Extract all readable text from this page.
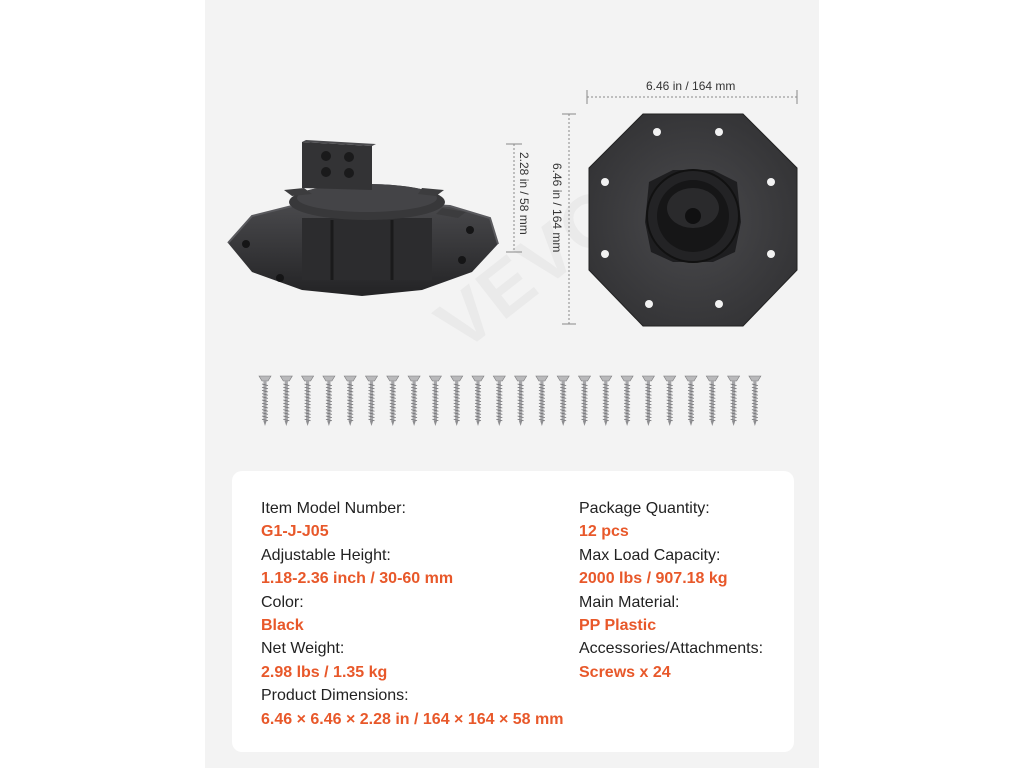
2.28 in / 58 mm
6.46 in / 164 mm
6.46 in / 164 mm
Item Model Number:
G1-J-J05
Adjustable Height:
1.18-2.36 inch / 30-60 mm
Color:
Black
Net Weight:
2.98 lbs / 1.35 kg
Product Dimensions:
6.46 × 6.46 × 2.28 in / 164 × 164 × 58 mm
Package Quantity:
12 pcs
Max Load Capacity:
2000 lbs / 907.18 kg
Main Material:
PP Plastic
Accessories/Attachments:
Screws x 24
